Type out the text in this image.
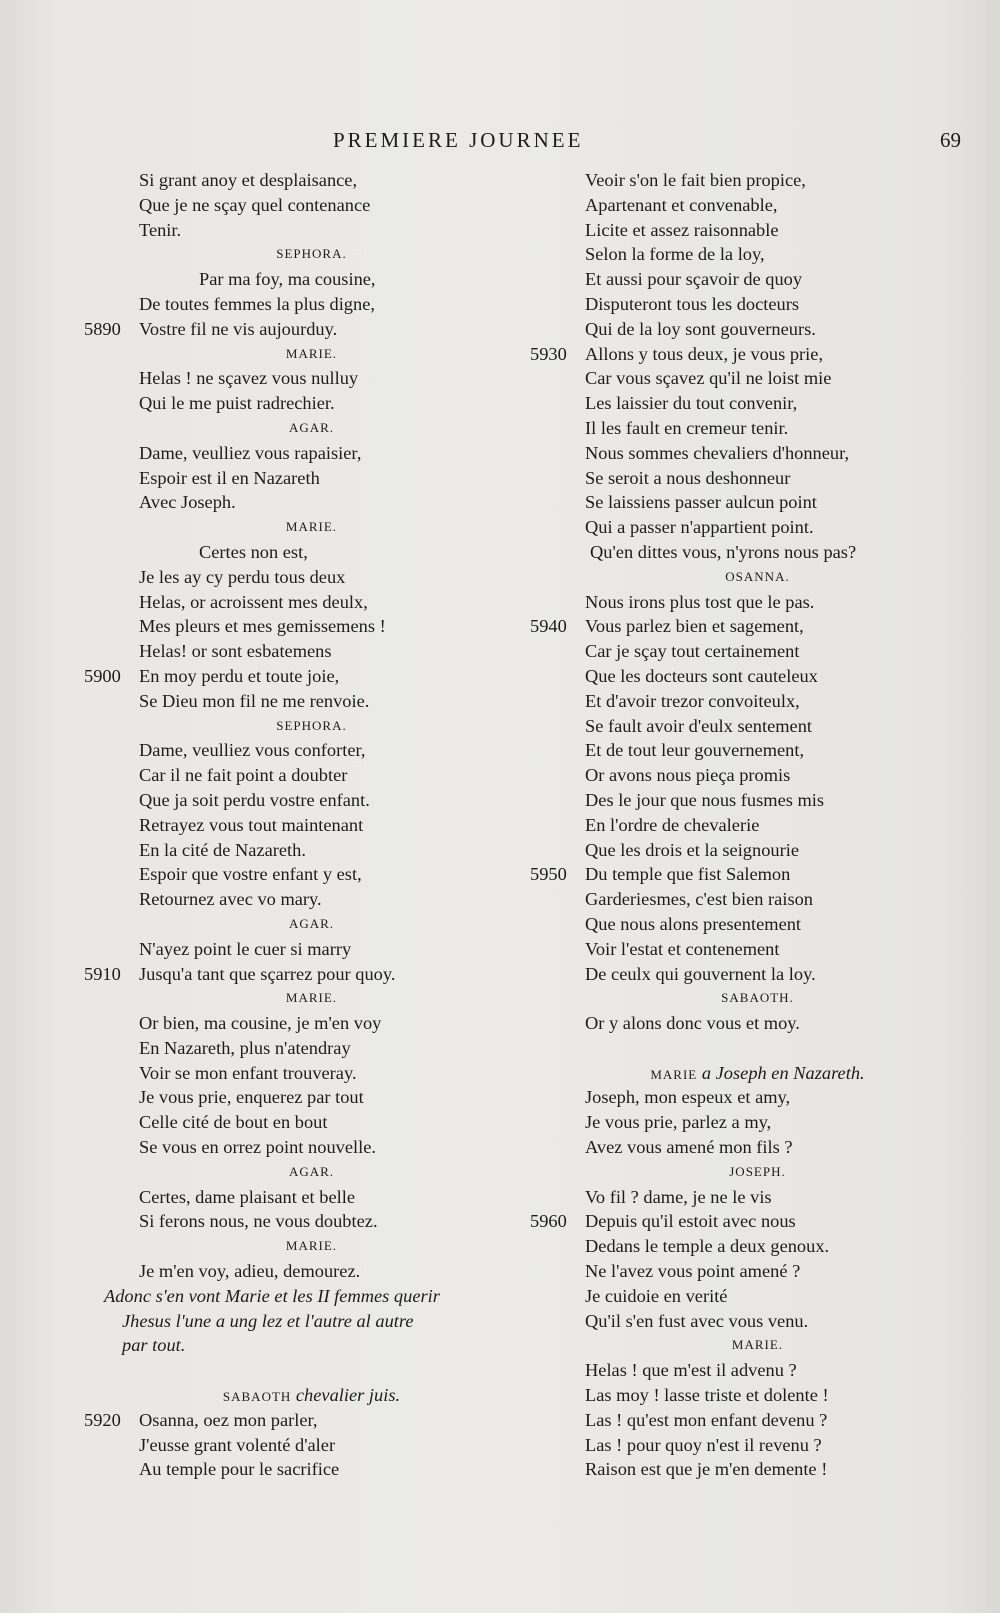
PREMIERE JOURNEE	69
Si grant anoy et desplaisance,
Que je ne sçay quel contenance
Tenir.
SEPHORA.
Par ma foy, ma cousine,
De toutes femmes la plus digne,
5890 Vostre fil ne vis aujourduy.
MARIE.
Helas ! ne sçavez vous nulluy
Qui le me puist radrechier.
AGAR.
Dame, veulliez vous rapaisier,
Espoir est il en Nazareth
Avec Joseph.
MARIE.
Certes non est,
Je les ay cy perdu tous deux
Helas, or acroissent mes deulx,
Mes pleurs et mes gemissemens !
Helas! or sont esbatemens
5900 En moy perdu et toute joie,
Se Dieu mon fil ne me renvoie.
SEPHORA.
Dame, veulliez vous conforter,
Car il ne fait point a doubter
Que ja soit perdu vostre enfant.
Retrayez vous tout maintenant
En la cité de Nazareth.
Espoir que vostre enfant y est,
Retournez avec vo mary.
AGAR.
N'ayez point le cuer si marry
5910 Jusqu'a tant que sçarrez pour quoy.
MARIE.
Or bien, ma cousine, je m'en voy
En Nazareth, plus n'atendray
Voir se mon enfant trouveray.
Je vous prie, enquerez par tout
Celle cité de bout en bout
Se vous en orrez point nouvelle.
AGAR.
Certes, dame plaisant et belle
Si ferons nous, ne vous doubtez.
MARIE.
Je m'en voy, adieu, demourez.
Adonc s'en vont Marie et les II femmes querir
Jhesus l'une a ung lez et l'autre al autre
par tout.
SABAOTH chevalier juis.
5920 Osanna, oez mon parler,
J'eusse grant volenté d'aler
Au temple pour le sacrifice
Veoir s'on le fait bien propice,
Apartenant et convenable,
Licite et assez raisonnable
Selon la forme de la loy,
Et aussi pour sçavoir de quoy
Disputeront tous les docteurs
Qui de la loy sont gouverneurs.
5930 Allons y tous deux, je vous prie,
Car vous sçavez qu'il ne loist mie
Les laissier du tout convenir,
Il les fault en cremeur tenir.
Nous sommes chevaliers d'honneur,
Se seroit a nous deshonneur
Se laissiens passer aulcun point
Qui a passer n'appartient point.
Qu'en dittes vous, n'yrons nous pas?
OSANNA.
Nous irons plus tost que le pas.
5940 Vous parlez bien et sagement,
Car je sçay tout certainement
Que les docteurs sont cauteleux
Et d'avoir trezor convoiteulx,
Se fault avoir d'eulx sentement
Et de tout leur gouvernement,
Or avons nous pieça promis
Des le jour que nous fusmes mis
En l'ordre de chevalerie
Que les drois et la seignourie
5950 Du temple que fist Salemon
Garderiesmes, c'est bien raison
Que nous alons presentement
Voir l'estat et contenement
De ceulx qui gouvernent la loy.
SABAOTH.
Or y alons donc vous et moy.
MARIE a Joseph en Nazareth.
Joseph, mon espeux et amy,
Je vous prie, parlez a my,
Avez vous amené mon fils ?
JOSEPH.
Vo fil ? dame, je ne le vis
5960 Depuis qu'il estoit avec nous
Dedans le temple a deux genoux.
Ne l'avez vous point amené ?
Je cuidoie en verité
Qu'il s'en fust avec vous venu.
MARIE.
Helas ! que m'est il advenu ?
Las moy ! lasse triste et dolente !
Las ! qu'est mon enfant devenu ?
Las ! pour quoy n'est il revenu ?
Raison est que je m'en demente !
